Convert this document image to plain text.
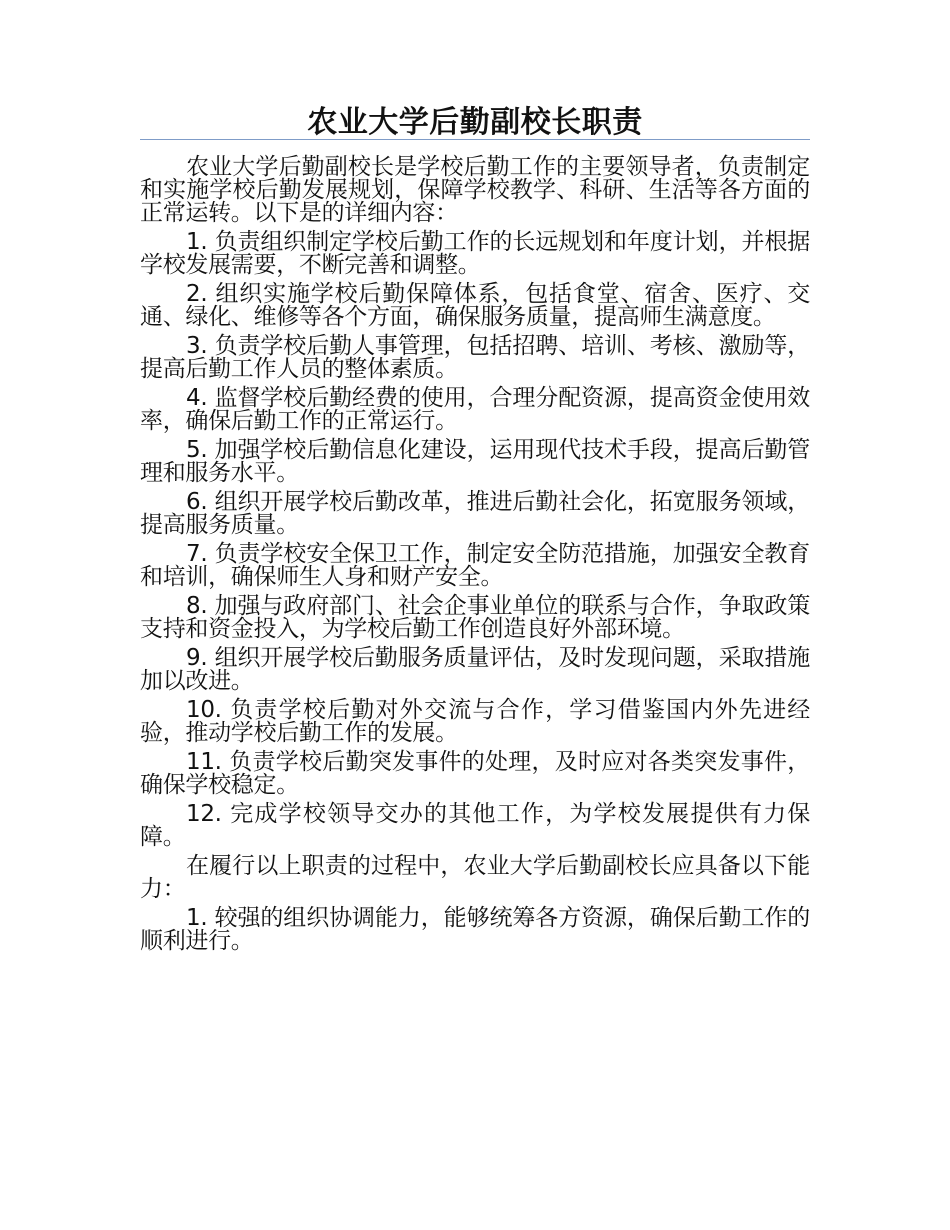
农业大学后勤副校长职责

农业大学后勤副校长是学校后勤工作的主要领导者，负责制定和实施学校后勤发展规划，保障学校教学、科研、生活等各方面的正常运转。以下是的详细内容：

1. 负责组织制定学校后勤工作的长远规划和年度计划，并根据学校发展需要，不断完善和调整。

2. 组织实施学校后勤保障体系，包括食堂、宿舍、医疗、交通、绿化、维修等各个方面，确保服务质量，提高师生满意度。

3. 负责学校后勤人事管理，包括招聘、培训、考核、激励等，提高后勤工作人员的整体素质。

4. 监督学校后勤经费的使用，合理分配资源，提高资金使用效率，确保后勤工作的正常运行。

5. 加强学校后勤信息化建设，运用现代技术手段，提高后勤管理和服务水平。

6. 组织开展学校后勤改革，推进后勤社会化，拓宽服务领域，提高服务质量。

7. 负责学校安全保卫工作，制定安全防范措施，加强安全教育和培训，确保师生人身和财产安全。

8. 加强与政府部门、社会企事业单位的联系与合作，争取政策支持和资金投入，为学校后勤工作创造良好外部环境。

9. 组织开展学校后勤服务质量评估，及时发现问题，采取措施加以改进。

10. 负责学校后勤对外交流与合作，学习借鉴国内外先进经验，推动学校后勤工作的发展。

11. 负责学校后勤突发事件的处理，及时应对各类突发事件，确保学校稳定。

12. 完成学校领导交办的其他工作，为学校发展提供有力保障。

在履行以上职责的过程中，农业大学后勤副校长应具备以下能力：

1. 较强的组织协调能力，能够统筹各方资源，确保后勤工作的顺利进行。
